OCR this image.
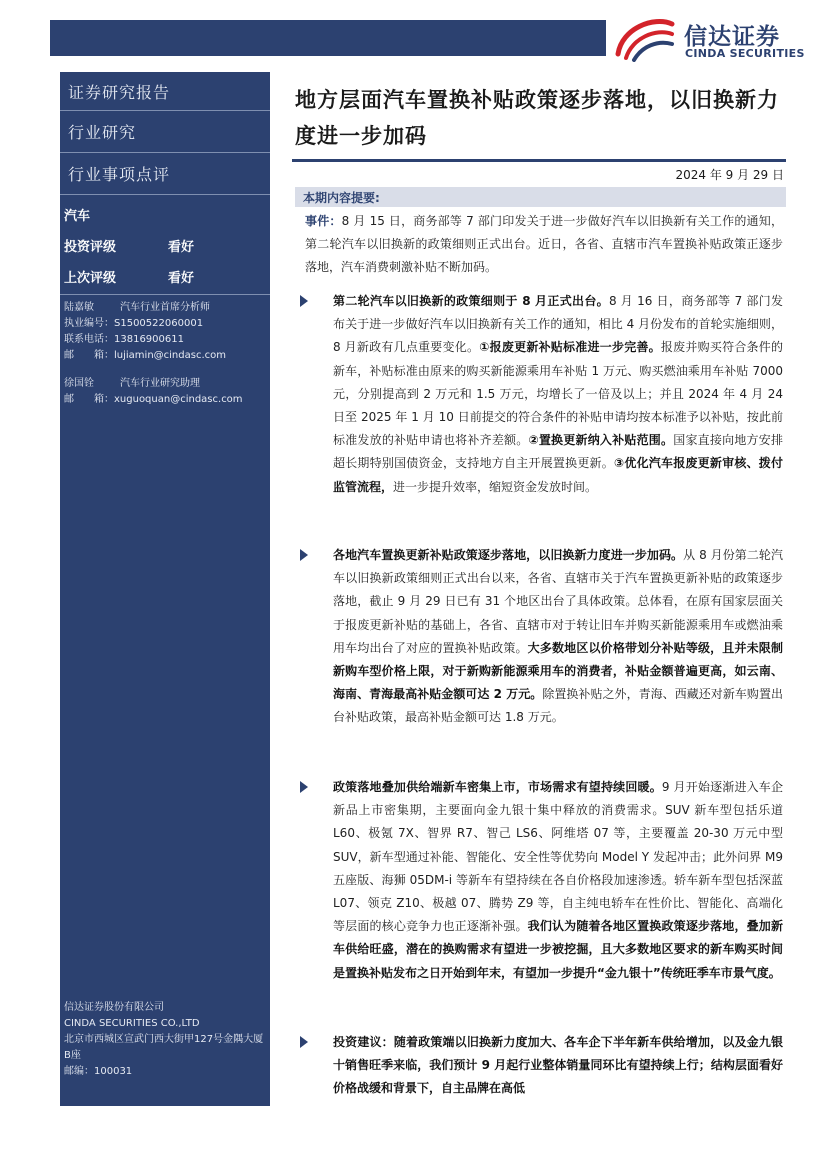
信达证券
CINDA SECURITIES
证券研究报告
行业研究
行业事项点评
汽车
投资评级	看好
上次评级	看好
陆嘉敏	汽车行业首席分析师
执业编号：S1500522060001
联系电话：13816900611
邮　　箱：lujiamin@cindasc.com
徐国铨	汽车行业研究助理
邮　　箱：xuguoquan@cindasc.com
信达证券股份有限公司
CINDA SECURITIES CO.,LTD
北京市西城区宣武门西大街甲127号金隅大厦B座
邮编：100031
地方层面汽车置换补贴政策逐步落地，以旧换新力度进一步加码
2024 年 9 月 29 日
本期内容提要:
事件：8 月 15 日，商务部等 7 部门印发关于进一步做好汽车以旧换新有关工作的通知，第二轮汽车以旧换新的政策细则正式出台。近日，各省、直辖市汽车置换补贴政策正逐步落地，汽车消费刺激补贴不断加码。
第二轮汽车以旧换新的政策细则于 8 月正式出台。8 月 16 日，商务部等 7 部门发布关于进一步做好汽车以旧换新有关工作的通知，相比 4 月份发布的首轮实施细则，8 月新政有几点重要变化。①报废更新补贴标准进一步完善。报废并购买符合条件的新车，补贴标准由原来的购买新能源乘用车补贴 1 万元、购买燃油乘用车补贴 7000 元，分别提高到 2 万元和 1.5 万元，均增长了一倍及以上；并且 2024 年 4 月 24 日至 2025 年 1 月 10 日前提交的符合条件的补贴申请均按本标准予以补贴，按此前标准发放的补贴申请也将补齐差额。②置换更新纳入补贴范围。国家直接向地方安排超长期特别国债资金，支持地方自主开展置换更新。③优化汽车报废更新审核、拨付监管流程，进一步提升效率，缩短资金发放时间。
各地汽车置换更新补贴政策逐步落地，以旧换新力度进一步加码。从 8 月份第二轮汽车以旧换新政策细则正式出台以来，各省、直辖市关于汽车置换更新补贴的政策逐步落地，截止 9 月 29 日已有 31 个地区出台了具体政策。总体看，在原有国家层面关于报废更新补贴的基础上，各省、直辖市对于转让旧车并购买新能源乘用车或燃油乘用车均出台了对应的置换补贴政策。大多数地区以价格带划分补贴等级，且并未限制新购车型价格上限，对于新购新能源乘用车的消费者，补贴金额普遍更高，如云南、海南、青海最高补贴金额可达 2 万元。除置换补贴之外，青海、西藏还对新车购置出台补贴政策，最高补贴金额可达 1.8 万元。
政策落地叠加供给端新车密集上市，市场需求有望持续回暖。9 月开始逐渐进入车企新品上市密集期，主要面向金九银十集中释放的消费需求。SUV 新车型包括乐道 L60、极氪 7X、智界 R7、智己 LS6、阿维塔 07 等，主要覆盖 20-30 万元中型 SUV，新车型通过补能、智能化、安全性等优势向 Model Y 发起冲击；此外问界 M9 五座版、海狮 05DM-i 等新车有望持续在各自价格段加速渗透。轿车新车型包括深蓝 L07、领克 Z10、极越 07、腾势 Z9 等，自主纯电轿车在性价比、智能化、高端化等层面的核心竞争力也正逐渐补强。我们认为随着各地区置换政策逐步落地，叠加新车供给旺盛，潜在的换购需求有望进一步被挖掘，且大多数地区要求的新车购买时间是置换补贴发布之日开始到年末，有望加一步提升“金九银十”传统旺季车市景气度。
投资建议：随着政策端以旧换新力度加大、各车企下半年新车供给增加，以及金九银十销售旺季来临，我们预计 9 月起行业整体销量同环比有望持续上行；结构层面看好价格战缓和背景下，自主品牌在高低
